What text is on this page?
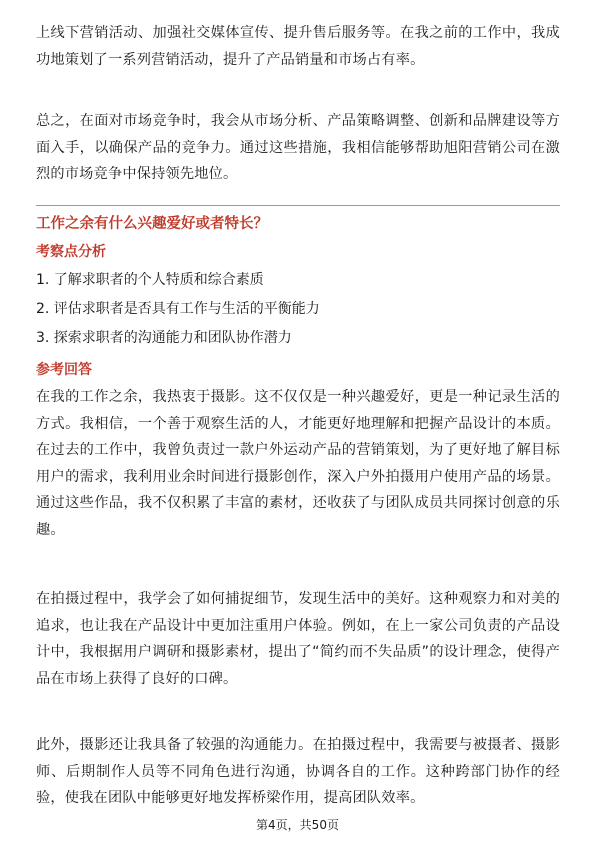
上线下营销活动、加强社交媒体宣传、提升售后服务等。在我之前的工作中，我成功地策划了一系列营销活动，提升了产品销量和市场占有率。

总之，在面对市场竞争时，我会从市场分析、产品策略调整、创新和品牌建设等方面入手，以确保产品的竞争力。通过这些措施，我相信能够帮助旭阳营销公司在激烈的市场竞争中保持领先地位。

工作之余有什么兴趣爱好或者特长？
考察点分析
1. 了解求职者的个人特质和综合素质
2. 评估求职者是否具有工作与生活的平衡能力
3. 探索求职者的沟通能力和团队协作潜力
参考回答

在我的工作之余，我热衷于摄影。这不仅仅是一种兴趣爱好，更是一种记录生活的方式。我相信，一个善于观察生活的人，才能更好地理解和把握产品设计的本质。在过去的工作中，我曾负责过一款户外运动产品的营销策划，为了更好地了解目标用户的需求，我利用业余时间进行摄影创作，深入户外拍摄用户使用产品的场景。通过这些作品，我不仅积累了丰富的素材，还收获了与团队成员共同探讨创意的乐趣。

在拍摄过程中，我学会了如何捕捉细节，发现生活中的美好。这种观察力和对美的追求，也让我在产品设计中更加注重用户体验。例如，在上一家公司负责的产品设计中，我根据用户调研和摄影素材，提出了“简约而不失品质”的设计理念，使得产品在市场上获得了良好的口碑。

此外，摄影还让我具备了较强的沟通能力。在拍摄过程中，我需要与被摄者、摄影师、后期制作人员等不同角色进行沟通，协调各自的工作。这种跨部门协作的经验，使我在团队中能够更好地发挥桥梁作用，提高团队效率。

第4页，共50页
